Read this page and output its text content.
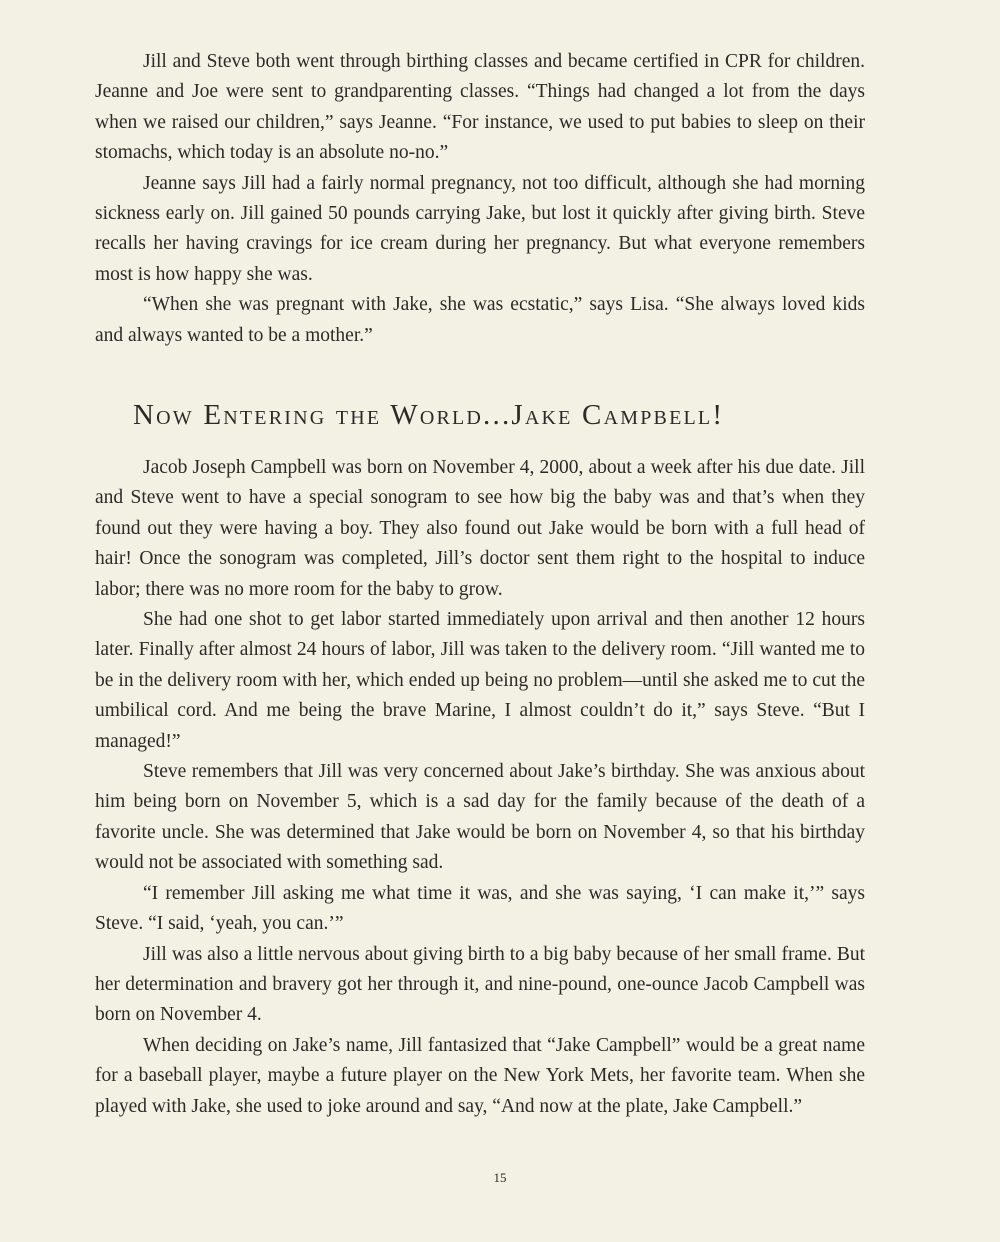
Jill and Steve both went through birthing classes and became certified in CPR for children. Jeanne and Joe were sent to grandparenting classes. “Things had changed a lot from the days when we raised our children,” says Jeanne. “For instance, we used to put babies to sleep on their stomachs, which today is an absolute no-no.”

Jeanne says Jill had a fairly normal pregnancy, not too difficult, although she had morning sickness early on. Jill gained 50 pounds carrying Jake, but lost it quickly after giving birth. Steve recalls her having cravings for ice cream during her pregnancy. But what everyone remembers most is how happy she was.

“When she was pregnant with Jake, she was ecstatic,” says Lisa. “She always loved kids and always wanted to be a mother.”

Now Entering the World...Jake Campbell!

Jacob Joseph Campbell was born on November 4, 2000, about a week after his due date. Jill and Steve went to have a special sonogram to see how big the baby was and that’s when they found out they were having a boy. They also found out Jake would be born with a full head of hair! Once the sonogram was completed, Jill’s doctor sent them right to the hospital to induce labor; there was no more room for the baby to grow.

She had one shot to get labor started immediately upon arrival and then another 12 hours later. Finally after almost 24 hours of labor, Jill was taken to the delivery room. “Jill wanted me to be in the delivery room with her, which ended up being no problem—until she asked me to cut the umbilical cord. And me being the brave Marine, I almost couldn’t do it,” says Steve. “But I managed!”

Steve remembers that Jill was very concerned about Jake’s birthday. She was anxious about him being born on November 5, which is a sad day for the family because of the death of a favorite uncle. She was determined that Jake would be born on November 4, so that his birthday would not be associated with something sad.

“I remember Jill asking me what time it was, and she was saying, ‘I can make it,’” says Steve. “I said, ‘yeah, you can.’”

Jill was also a little nervous about giving birth to a big baby because of her small frame. But her determination and bravery got her through it, and nine-pound, one-ounce Jacob Campbell was born on November 4.

When deciding on Jake’s name, Jill fantasized that “Jake Campbell” would be a great name for a baseball player, maybe a future player on the New York Mets, her favorite team. When she played with Jake, she used to joke around and say, “And now at the plate, Jake Campbell.”

15
